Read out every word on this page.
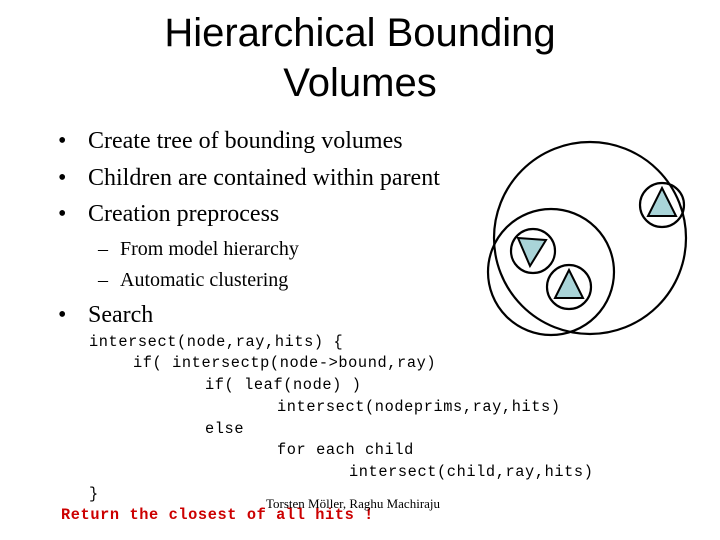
Hierarchical Bounding
Volumes
• Create tree of bounding volumes
• Children are contained within parent
• Creation preprocess
– From model hierarchy
– Automatic clustering
• Search
intersect(node,ray,hits) {
if( intersectp(node->bound,ray)
if( leaf(node) )
intersect(nodeprims,ray,hits)
else
for each child
intersect(child,ray,hits)
}
Return the closest of all hits !
Torsten Möller, Raghu Machiraju
